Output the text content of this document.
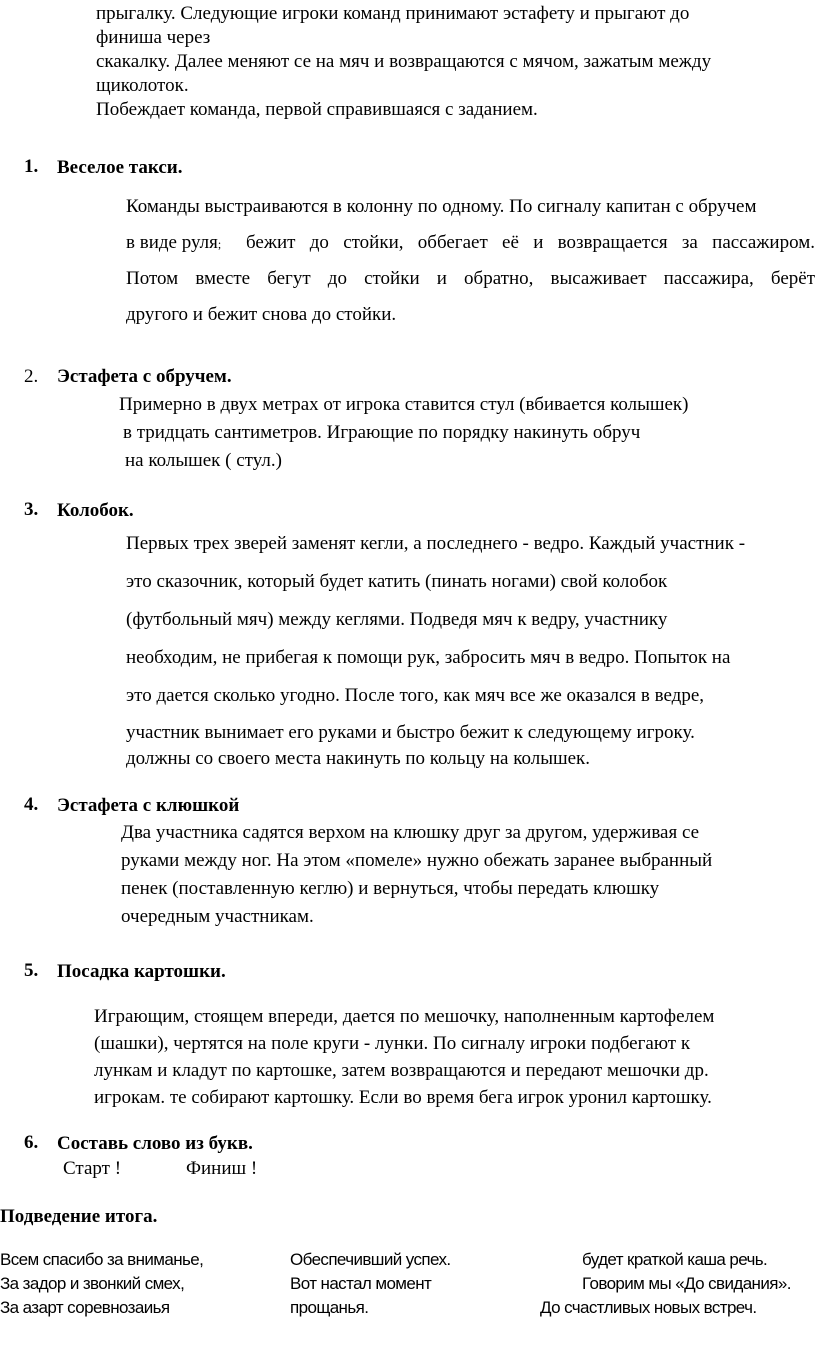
прыгалку. Следующие игроки команд принимают эстафету и прыгают до
финиша через
скакалку. Далее меняют се на мяч и возвращаются с мячом, зажатым между
щиколоток.
Побеждает команда, первой справившаяся с заданием.
1. Веселое такси.
Команды выстраиваются в колонну по одному. По сигналу капитан с обручем
в виде руля; бежит до стойки, оббегает её и возвращается за пассажиром.
Потом вместе бегут до стойки и обратно, высаживает пассажира, берёт
другого и бежит снова до стойки.
2. Эстафета с обручем.
Примерно в двух метрах от игрока ставится стул (вбивается колышек)
в тридцать сантиметров. Играющие по порядку накинуть обруч
на колышек ( стул.)
3. Колобок.
Первых трех зверей заменят кегли, а последнего - ведро. Каждый участник -
это сказочник, который будет катить (пинать ногами) свой колобок
(футбольный мяч) между кеглями. Подведя мяч к ведру, участнику
необходим, не прибегая к помощи рук, забросить мяч в ведро. Попыток на
это дается сколько угодно. После того, как мяч все же оказался в ведре,
участник вынимает его руками и быстро бежит к следующему игроку.
должны со своего места накинуть по кольцу на колышек.
4. Эстафета с клюшкой
Два участника садятся верхом на клюшку друг за другом, удерживая се
руками между ног. На этом «помеле» нужно обежать заранее выбранный
пенек (поставленную кеглю) и вернуться, чтобы передать клюшку
очередным участникам.
5. Посадка картошки.
Играющим, стоящем впереди, дается по мешочку, наполненным картофелем
(шашки), чертятся на поле круги - лунки. По сигналу игроки подбегают к
лункам и кладут по картошке, затем возвращаются и передают мешочки др.
игрокам. те собирают картошку. Если во время бега игрок уронил картошку.
6. Составь слово из букв.
Старт !	Финиш !
Подведение итога.
Всем спасибо за вниманье,
За задор и звонкий смех,
За азарт соревнозаиья
Обеспечивший успех.
Вот настал момент
прощанья.
будет краткой каша речь.
Говорим мы «До свидания».
До счастливых новых встреч.
